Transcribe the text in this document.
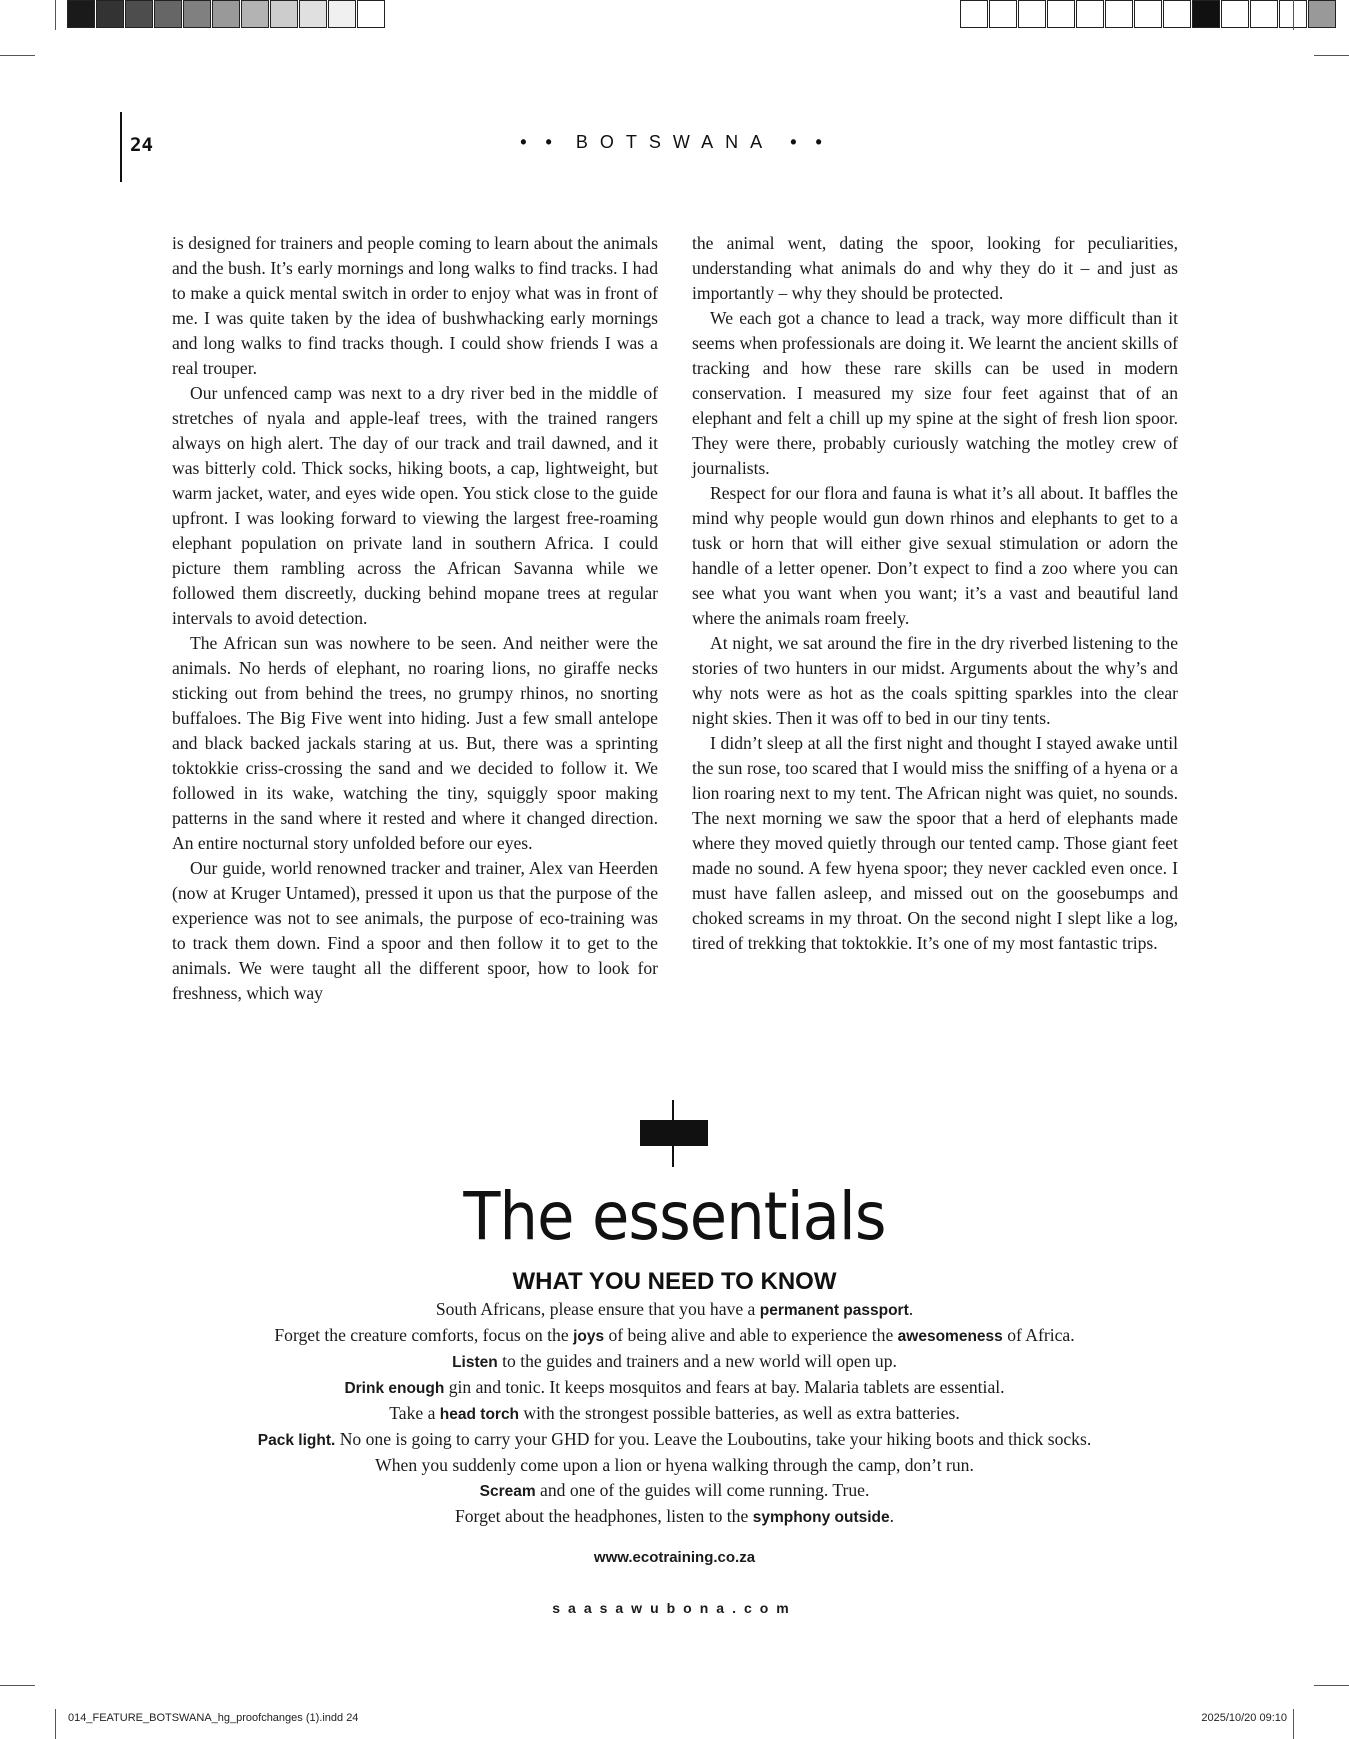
24	• • BOTSWANA • •

is designed for trainers and people coming to learn about the animals and the bush. It’s early mornings and long walks to find tracks. I had to make a quick mental switch in order to enjoy what was in front of me. I was quite taken by the idea of bushwhacking early mornings and long walks to find tracks though. I could show friends I was a real trouper.

Our unfenced camp was next to a dry river bed in the middle of stretches of nyala and apple-leaf trees, with the trained rangers always on high alert. The day of our track and trail dawned, and it was bitterly cold. Thick socks, hiking boots, a cap, lightweight, but warm jacket, water, and eyes wide open. You stick close to the guide upfront. I was looking forward to viewing the largest free-roaming elephant population on private land in southern Africa. I could picture them rambling across the African Savanna while we followed them discreetly, ducking behind mopane trees at regular intervals to avoid detection.

The African sun was nowhere to be seen. And neither were the animals. No herds of elephant, no roaring lions, no giraffe necks sticking out from behind the trees, no grumpy rhinos, no snorting buffaloes. The Big Five went into hiding. Just a few small antelope and black backed jackals staring at us. But, there was a sprinting toktokkie criss-crossing the sand and we decided to follow it. We followed in its wake, watching the tiny, squiggly spoor making patterns in the sand where it rested and where it changed direction. An entire nocturnal story unfolded before our eyes.

Our guide, world renowned tracker and trainer, Alex van Heerden (now at Kruger Untamed), pressed it upon us that the purpose of the experience was not to see animals, the purpose of eco-training was to track them down. Find a spoor and then follow it to get to the animals. We were taught all the different spoor, how to look for freshness, which way

the animal went, dating the spoor, looking for peculiarities, understanding what animals do and why they do it – and just as importantly – why they should be protected.

We each got a chance to lead a track, way more difficult than it seems when professionals are doing it. We learnt the ancient skills of tracking and how these rare skills can be used in modern conservation. I measured my size four feet against that of an elephant and felt a chill up my spine at the sight of fresh lion spoor. They were there, probably curiously watching the motley crew of journalists.

Respect for our flora and fauna is what it’s all about. It baffles the mind why people would gun down rhinos and elephants to get to a tusk or horn that will either give sexual stimulation or adorn the handle of a letter opener. Don’t expect to find a zoo where you can see what you want when you want; it’s a vast and beautiful land where the animals roam freely.

At night, we sat around the fire in the dry riverbed listening to the stories of two hunters in our midst. Arguments about the why’s and why nots were as hot as the coals spitting sparkles into the clear night skies. Then it was off to bed in our tiny tents.

I didn’t sleep at all the first night and thought I stayed awake until the sun rose, too scared that I would miss the sniffing of a hyena or a lion roaring next to my tent. The African night was quiet, no sounds. The next morning we saw the spoor that a herd of elephants made where they moved quietly through our tented camp. Those giant feet made no sound. A few hyena spoor; they never cackled even once. I must have fallen asleep, and missed out on the goosebumps and choked screams in my throat. On the second night I slept like a log, tired of trekking that toktokkie. It’s one of my most fantastic trips.

The essentials
WHAT YOU NEED TO KNOW
South Africans, please ensure that you have a permanent passport.
Forget the creature comforts, focus on the joys of being alive and able to experience the awesomeness of Africa.
Listen to the guides and trainers and a new world will open up.
Drink enough gin and tonic. It keeps mosquitos and fears at bay. Malaria tablets are essential.
Take a head torch with the strongest possible batteries, as well as extra batteries.
Pack light. No one is going to carry your GHD for you. Leave the Louboutins, take your hiking boots and thick socks.
When you suddenly come upon a lion or hyena walking through the camp, don’t run.
Scream and one of the guides will come running. True.
Forget about the headphones, listen to the symphony outside.
www.ecotraining.co.za
saasawubona.com
014_FEATURE_BOTSWANA_hg_proofchanges (1).indd 24	2025/10/20 09:10
